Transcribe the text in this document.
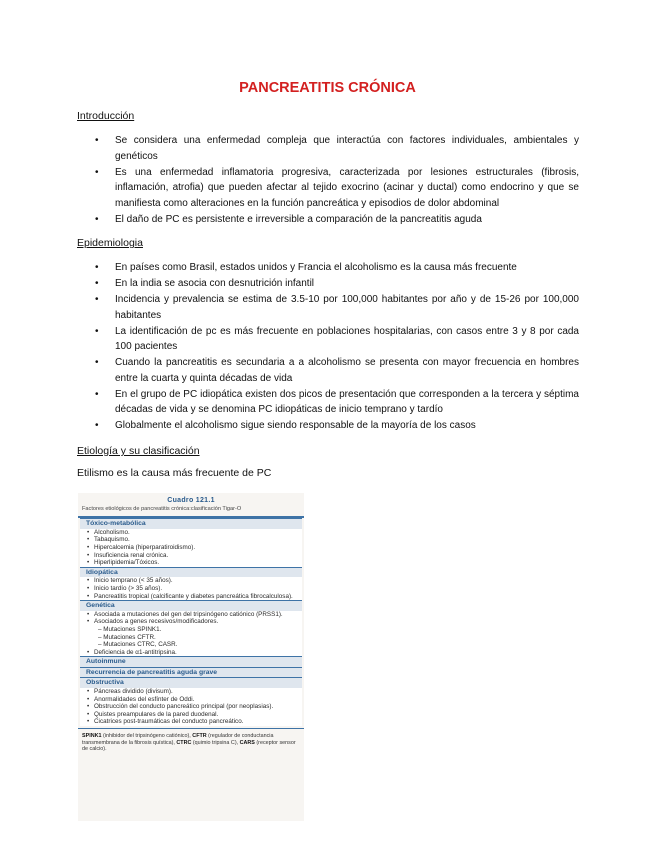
PANCREATITIS CRÓNICA
Introducción
• Se considera una enfermedad compleja que interactúa con factores individuales, ambientales y genéticos
• Es una enfermedad inflamatoria progresiva, caracterizada por lesiones estructurales (fibrosis, inflamación, atrofia) que pueden afectar al tejido exocrino (acinar y ductal) como endocrino y que se manifiesta como alteraciones en la función pancreática y episodios de dolor abdominal
• El daño de PC es persistente e irreversible a comparación de la pancreatitis aguda
Epidemiologia
• En países como Brasil, estados unidos y Francia el alcoholismo es la causa más frecuente
• En la india se asocia con desnutrición infantil
• Incidencia y prevalencia se estima de 3.5-10 por 100,000 habitantes por año y de 15-26 por 100,000 habitantes
• La identificación de pc es más frecuente en poblaciones hospitalarias, con casos entre 3 y 8 por cada 100 pacientes
• Cuando la pancreatitis es secundaria a a alcoholismo se presenta con mayor frecuencia en hombres entre la cuarta y quinta décadas de vida
• En el grupo de PC idiopática existen dos picos de presentación que corresponden a la tercera y séptima décadas de vida y se denomina PC idiopáticas de inicio temprano y tardío
• Globalmente el alcoholismo sigue siendo responsable de la mayoría de los casos
Etiología y su clasificación
Etilismo es la causa más frecuente de PC
Cuadro 121.1
Factores etiológicos de pancreatitis crónica:clasificación Tigar-O
Tóxico-metabólica
• Alcoholismo.
• Tabaquismo.
• Hipercalcemia (hiperparatiroidismo).
• Insuficiencia renal crónica.
• Hiperlipidemia/Tóxicos.
Idiopática
• Inicio temprano (< 35 años).
• Inicio tardío (> 35 años).
• Pancreatitis tropical (calcificante y diabetes pancreática fibrocalculosa).
Genética
• Asociada a mutaciones del gen del tripsinógeno catiónico (PRSS1).
• Asociados a genes recesivos/modificadores.
– Mutaciones SPINK1.
– Mutaciones CFTR.
– Mutaciones CTRC, CASR.
• Deficiencia de α1-antitripsina.
Autoinmune
Recurrencia de pancreatitis aguda grave
Obstructiva
• Páncreas dividido (divisum).
• Anormalidades del esfínter de Oddi.
• Obstrucción del conducto pancreático principal (por neoplasias).
• Quistes preampulares de la pared duodenal.
• Cicatrices post-traumáticas del conducto pancreático.
SPINK1 (inhibidor del tripsinógeno catiónico), CFTR (regulador de conductancia transmembrana de la fibrosis quística), CTRC (quimio tripsina C), CARS (receptor sensor de calcio).
